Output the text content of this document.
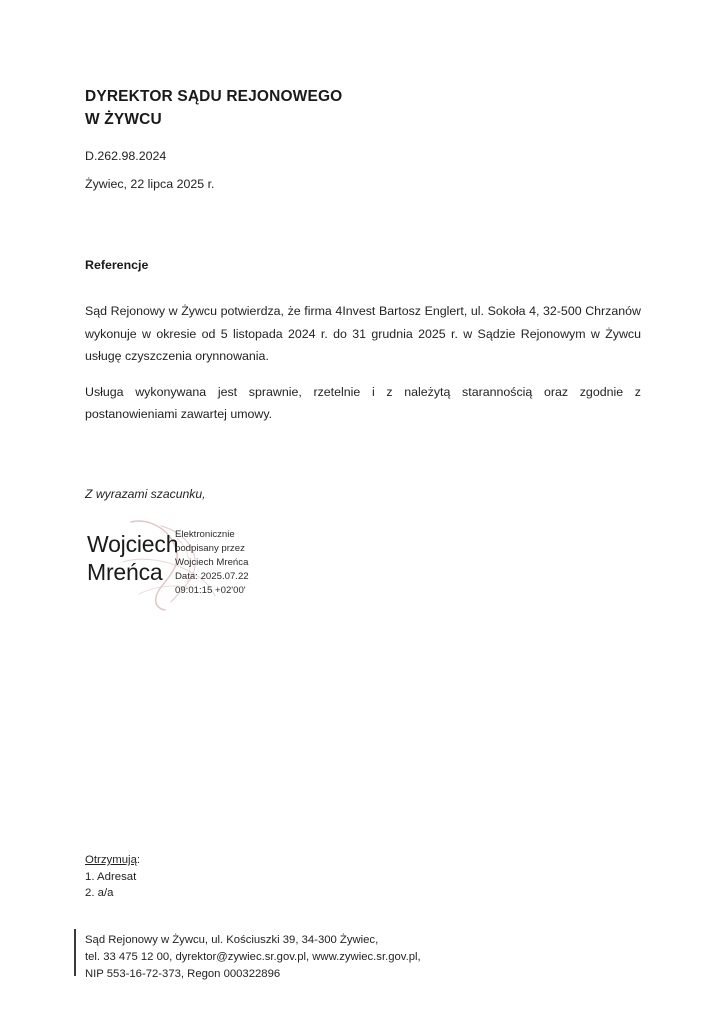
DYREKTOR SĄDU REJONOWEGO
W ŻYWCU
D.262.98.2024
Żywiec, 22 lipca 2025 r.
Referencje

Sąd Rejonowy w Żywcu potwierdza, że firma 4Invest Bartosz Englert, ul. Sokoła 4, 32-500 Chrzanów wykonuje w okresie od 5 listopada 2024 r. do 31 grudnia 2025 r. w Sądzie Rejonowym w Żywcu usługę czyszczenia orynnowania.

Usługa wykonywana jest sprawnie, rzetelnie i z należytą starannością oraz zgodnie z postanowieniami zawartej umowy.

Z wyrazami szacunku,
Wojciech Mreńca
Elektronicznie
podpisany przez
Wojciech Mreńca
Data: 2025.07.22
09:01:15 +02'00'
Otrzymują:
1. Adresat
2. a/a
Sąd Rejonowy w Żywcu, ul. Kościuszki 39, 34-300 Żywiec,
tel. 33 475 12 00, dyrektor@zywiec.sr.gov.pl, www.zywiec.sr.gov.pl,
NIP 553-16-72-373, Regon 000322896
